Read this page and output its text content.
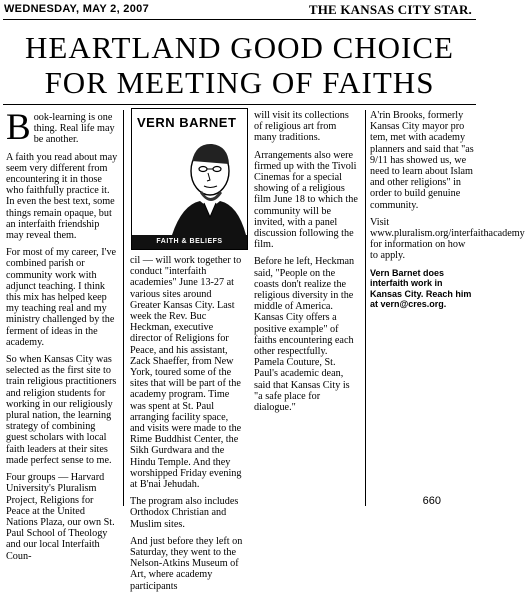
WEDNESDAY, MAY 2, 2007	THE KANSAS CITY STAR.
HEARTLAND GOOD CHOICE
FOR MEETING OF FAITHS

Book-learning is one thing. Real life may be another.

A faith you read about may seem very different from encountering it in those who faithfully practice it. In even the best text, some things remain opaque, but an interfaith friendship may reveal them.

For most of my career, I've combined parish or community work with adjunct teaching. I think this mix has helped keep my teaching real and my ministry challenged by the ferment of ideas in the academy.

So when Kansas City was selected as the first site to train religious practitioners and religion students for working in our religiously plural nation, the learning strategy of combining guest scholars with local faith leaders at their sites made perfect sense to me.

Four groups — Harvard University's Pluralism Project, Religions for Peace at the United Nations Plaza, our own St. Paul School of Theology and our local Interfaith Coun-

VERN BARNET
FAITH & BELIEFS

cil — will work together to conduct "interfaith academies" June 13-27 at various sites around Greater Kansas City. Last week the Rev. Buc Heckman, executive director of Religions for Peace, and his assistant, Zack Shaeffer, from New York, toured some of the sites that will be part of the academy program. Time was spent at St. Paul arranging facility space, and visits were made to the Rime Buddhist Center, the Sikh Gurdwara and the Hindu Temple. And they worshipped Friday evening at B'nai Jehudah.

The program also includes Orthodox Christian and Muslim sites.

And just before they left on Saturday, they went to the Nelson-Atkins Museum of Art, where academy participants

will visit its collections of religious art from many traditions.

Arrangements also were firmed up with the Tivoli Cinemas for a special showing of a religious film June 18 to which the community will be invited, with a panel discussion following the film.

Before he left, Heckman said, "People on the coasts don't realize the religious diversity in the middle of America. Kansas City offers a positive example" of faiths encountering each other respectfully. Pamela Couture, St. Paul's academic dean, said that Kansas City is "a safe place for dialogue."

A'rin Brooks, formerly Kansas City mayor pro tem, met with academy planners and said that "as 9/11 has showed us, we need to learn about Islam and other religions" in order to build genuine community.

Visit www.pluralism.org/interfaithacademy for information on how to apply.

Vern Barnet does interfaith work in Kansas City. Reach him at vern@cres.org.

660
